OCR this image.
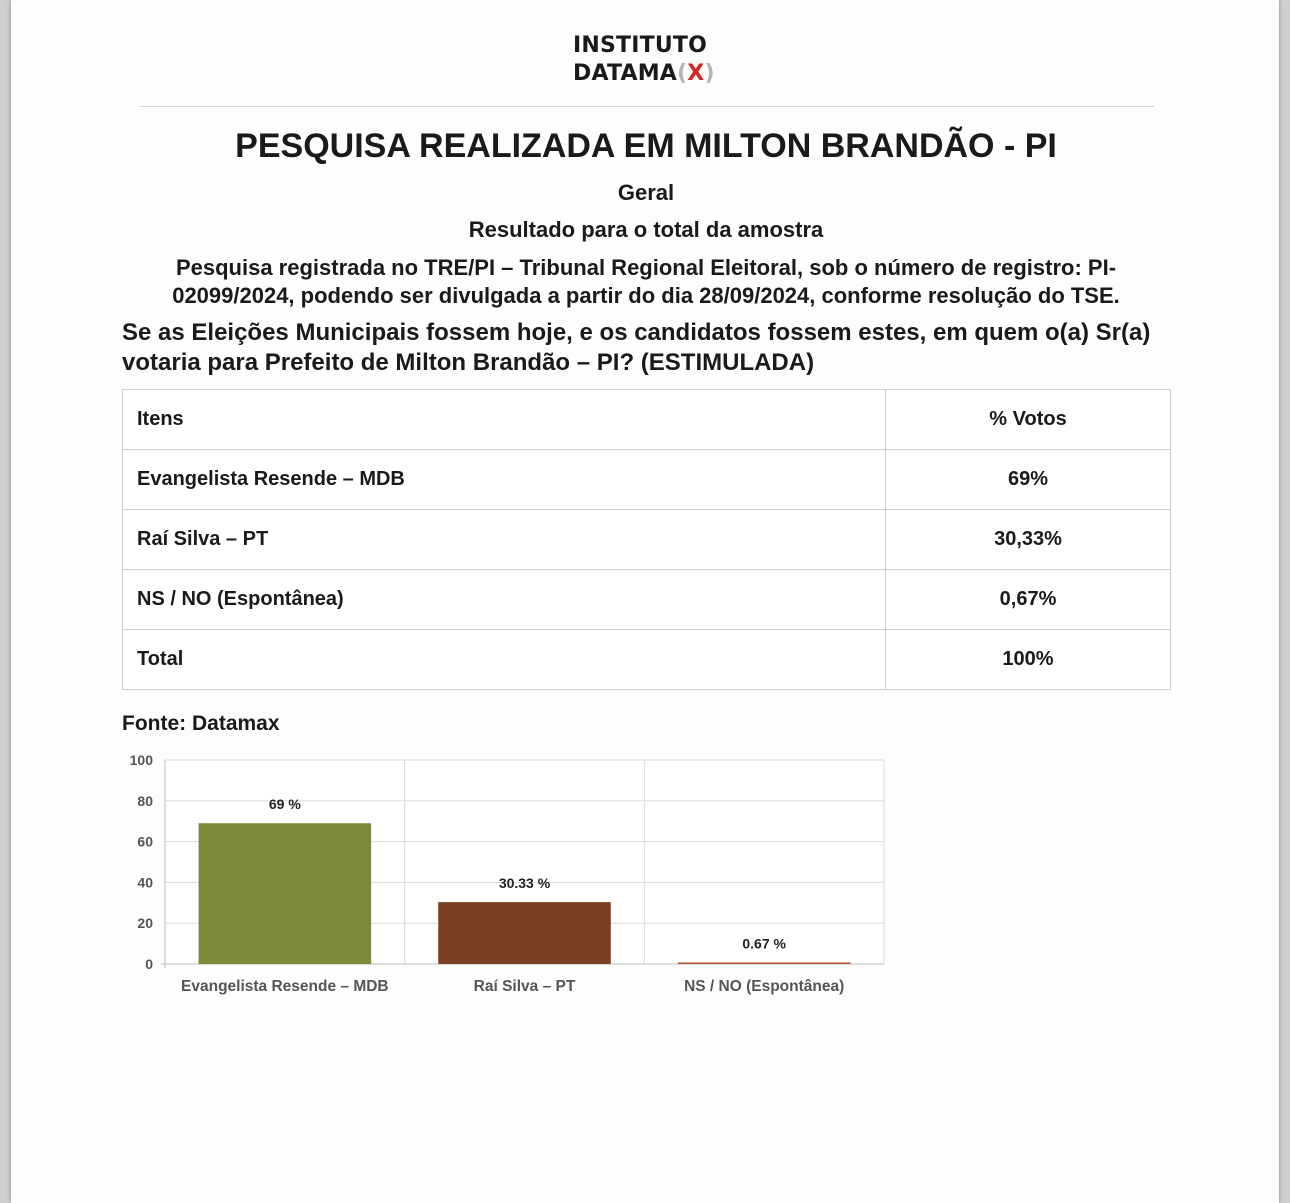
INSTITUTO
DATAMA(X)
PESQUISA REALIZADA EM MILTON BRANDÃO - PI
Geral
Resultado para o total da amostra
Pesquisa registrada no TRE/PI – Tribunal Regional Eleitoral, sob o número de registro: PI-02099/2024, podendo ser divulgada a partir do dia 28/09/2024, conforme resolução do TSE.
Se as Eleições Municipais fossem hoje, e os candidatos fossem estes, em quem o(a) Sr(a) votaria para Prefeito de Milton Brandão – PI? (ESTIMULADA)
Itens	% Votos
Evangelista Resende – MDB	69%
Raí Silva – PT	30,33%
NS / NO (Espontânea)	0,67%
Total	100%
Fonte: Datamax
0
20
40
60
80
100
69 %
Evangelista Resende – MDB
30.33 %
Raí Silva – PT
0.67 %
NS / NO (Espontânea)
